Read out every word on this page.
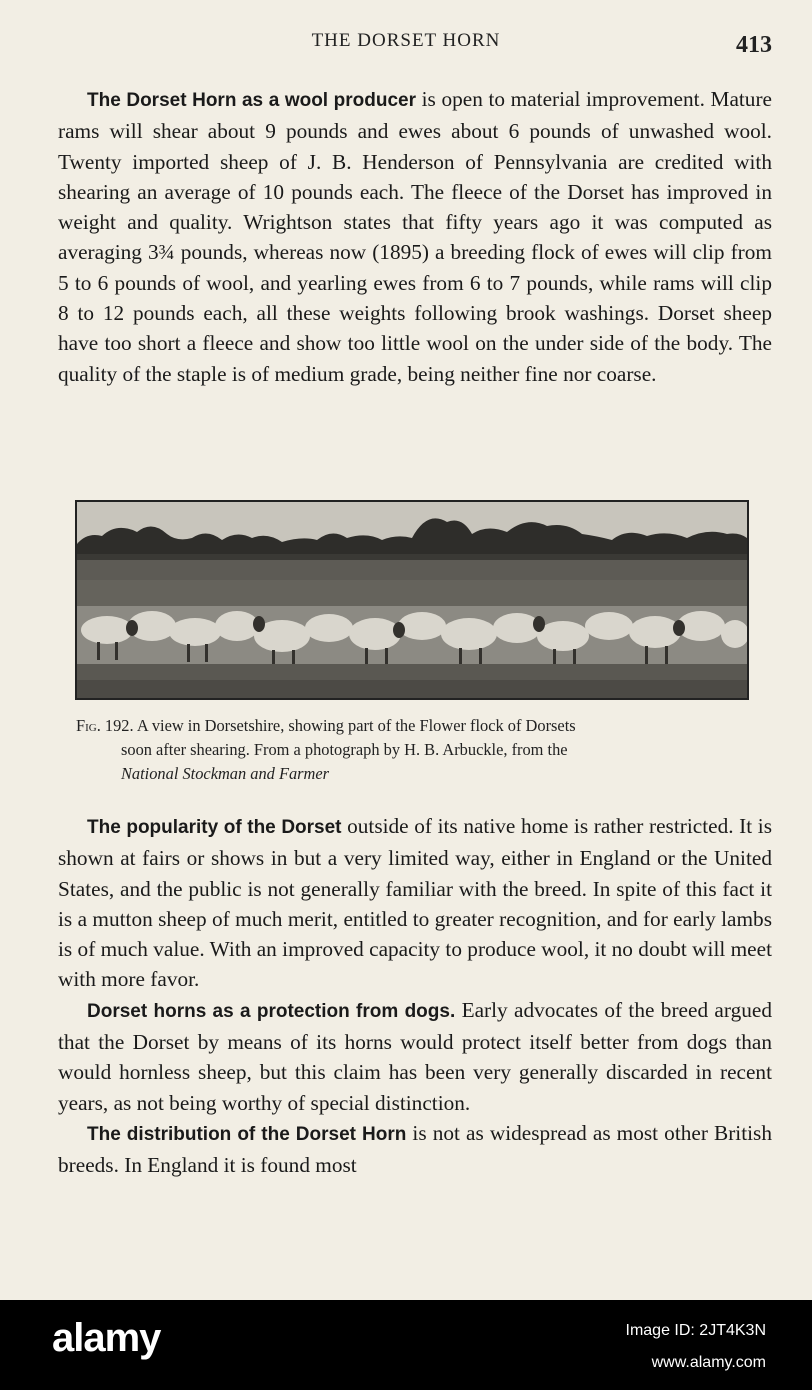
THE DORSET HORN	413

The Dorset Horn as a wool producer is open to material improvement. Mature rams will shear about 9 pounds and ewes about 6 pounds of unwashed wool. Twenty imported sheep of J. B. Henderson of Pennsylvania are credited with shearing an average of 10 pounds each. The fleece of the Dorset has improved in weight and quality. Wrightson states that fifty years ago it was computed as averaging 3¾ pounds, whereas now (1895) a breeding flock of ewes will clip from 5 to 6 pounds of wool, and yearling ewes from 6 to 7 pounds, while rams will clip 8 to 12 pounds each, all these weights following brook washings. Dorset sheep have too short a fleece and show too little wool on the under side of the body. The quality of the staple is of medium grade, being neither fine nor coarse.

Fig. 192. A view in Dorsetshire, showing part of the Flower flock of Dorsets
soon after shearing. From a photograph by H. B. Arbuckle, from the
National Stockman and Farmer

The popularity of the Dorset outside of its native home is rather restricted. It is shown at fairs or shows in but a very limited way, either in England or the United States, and the public is not generally familiar with the breed. In spite of this fact it is a mutton sheep of much merit, entitled to greater recognition, and for early lambs is of much value. With an improved capacity to produce wool, it no doubt will meet with more favor.

Dorset horns as a protection from dogs. Early advocates of the breed argued that the Dorset by means of its horns would protect itself better from dogs than would hornless sheep, but this claim has been very generally discarded in recent years, as not being worthy of special distinction.

The distribution of the Dorset Horn is not as widespread as most other British breeds. In England it is found most

alamy	Image ID: 2JT4K3N
www.alamy.com
